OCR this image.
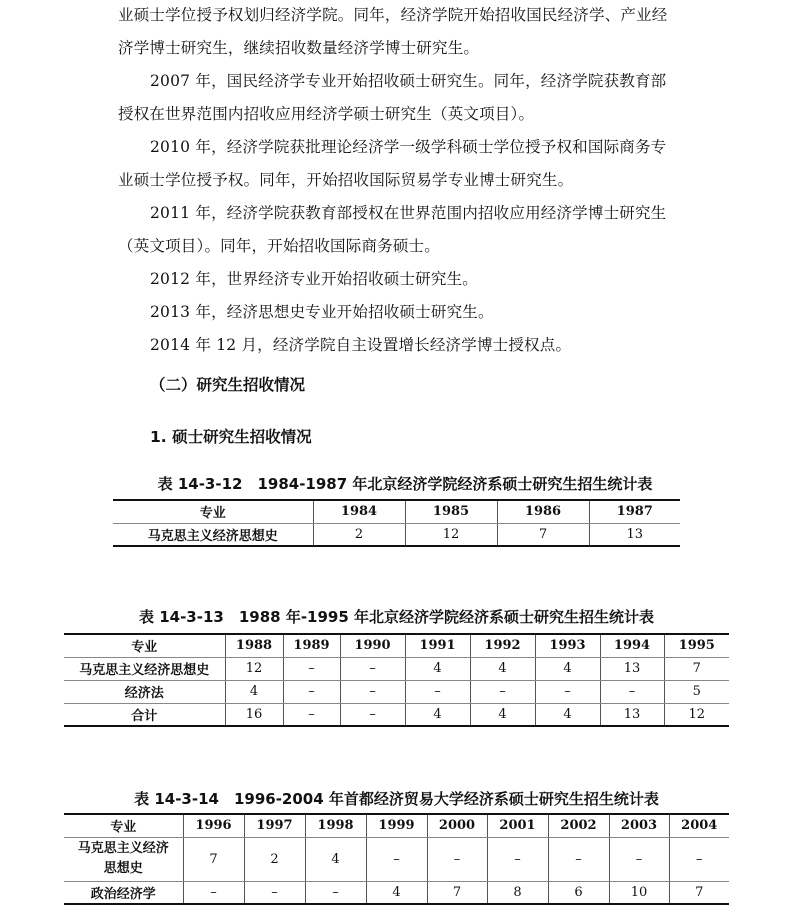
业硕士学位授予权划归经济学院。同年，经济学院开始招收国民经济学、产业经
济学博士研究生，继续招收数量经济学博士研究生。
2007 年，国民经济学专业开始招收硕士研究生。同年，经济学院获教育部
授权在世界范围内招收应用经济学硕士研究生（英文项目）。
2010 年，经济学院获批理论经济学一级学科硕士学位授予权和国际商务专
业硕士学位授予权。同年，开始招收国际贸易学专业博士研究生。
2011 年，经济学院获教育部授权在世界范围内招收应用经济学博士研究生
（英文项目）。同年，开始招收国际商务硕士。
2012 年，世界经济专业开始招收硕士研究生。
2013 年，经济思想史专业开始招收硕士研究生。
2014 年 12 月，经济学院自主设置增长经济学博士授权点。
（二）研究生招收情况
1. 硕士研究生招收情况
表 14-3-12　1984-1987 年北京经济学院经济系硕士研究生招生统计表
专业	1984	1985	1986	1987
马克思主义经济思想史	2	12	7	13
表 14-3-13　1988 年-1995 年北京经济学院经济系硕士研究生招生统计表
专业	1988	1989	1990	1991	1992	1993	1994	1995
马克思主义经济思想史	12	–	–	4	4	4	13	7
经济法	4	–	–	–	–	–	–	5
合计	16	–	–	4	4	4	13	12
表 14-3-14　1996-2004 年首都经济贸易大学经济系硕士研究生招生统计表
专业	1996	1997	1998	1999	2000	2001	2002	2003	2004
马克思主义经济思想史	7	2	4	–	–	–	–	–	–
政治经济学	–	–	–	4	7	8	6	10	7
